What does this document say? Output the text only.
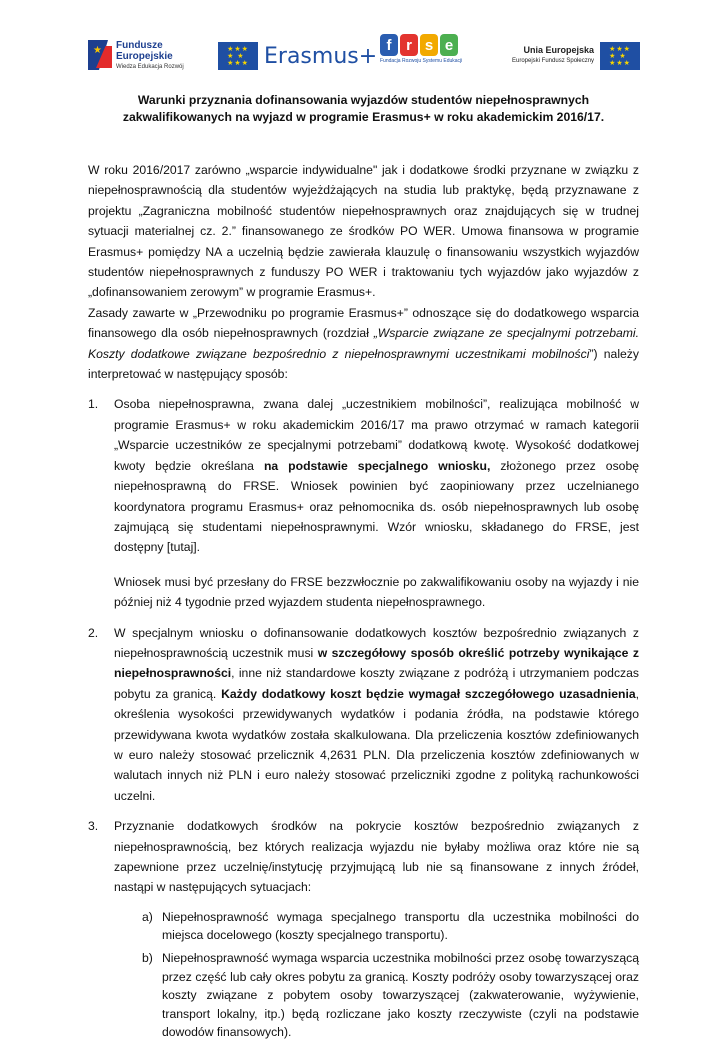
★ Fundusze
Europejskie
Wiedza Edukacja Rozwój
★★★
★ ★
★★★ Erasmus+ f r s e
Fundacja Rozwoju Systemu Edukacji
Unia Europejska
Europejski Fundusz Społeczny
★★★
★ ★
★★★

Warunki przyznania dofinansowania wyjazdów studentów niepełnosprawnych zakwalifikowanych na wyjazd w programie Erasmus+ w roku akademickim 2016/17.

W roku 2016/2017 zarówno „wsparcie indywidualne" jak i dodatkowe środki przyznane w związku z niepełnosprawnością dla studentów wyjeżdżających na studia lub praktykę, będą przyznawane z projektu „Zagraniczna mobilność studentów niepełnosprawnych oraz znajdujących się w trudnej sytuacji materialnej cz. 2.” finansowanego ze środków PO WER. Umowa finansowa w programie Erasmus+ pomiędzy NA a uczelnią będzie zawierała klauzulę o finansowaniu wszystkich wyjazdów studentów niepełnosprawnych z funduszy PO WER i traktowaniu tych wyjazdów jako wyjazdów z „dofinansowaniem zerowym” w programie Erasmus+.

Zasady zawarte w „Przewodniku po programie Erasmus+” odnoszące się do dodatkowego wsparcia finansowego dla osób niepełnosprawnych (rozdział „Wsparcie związane ze specjalnymi potrzebami. Koszty dodatkowe związane bezpośrednio z niepełnosprawnymi uczestnikami mobilności”) należy interpretować w następujący sposób:

1. Osoba niepełnosprawna, zwana dalej „uczestnikiem mobilności”, realizująca mobilność w programie Erasmus+ w roku akademickim 2016/17 ma prawo otrzymać w ramach kategorii „Wsparcie uczestników ze specjalnymi potrzebami” dodatkową kwotę. Wysokość dodatkowej kwoty będzie określana na podstawie specjalnego wniosku, złożonego przez osobę niepełnosprawną do FRSE. Wniosek powinien być zaopiniowany przez uczelnianego koordynatora programu Erasmus+ oraz pełnomocnika ds. osób niepełnosprawnych lub osobę zajmującą się studentami niepełnosprawnymi. Wzór wniosku, składanego do FRSE, jest dostępny [tutaj].
Wniosek musi być przesłany do FRSE bezzwłocznie po zakwalifikowaniu osoby na wyjazdy i nie później niż 4 tygodnie przed wyjazdem studenta niepełnosprawnego.
2. W specjalnym wniosku o dofinansowanie dodatkowych kosztów bezpośrednio związanych z niepełnosprawnością uczestnik musi w szczegółowy sposób określić potrzeby wynikające z niepełnosprawności, inne niż standardowe koszty związane z podróżą i utrzymaniem podczas pobytu za granicą. Każdy dodatkowy koszt będzie wymagał szczegółowego uzasadnienia, określenia wysokości przewidywanych wydatków i podania źródła, na podstawie którego przewidywana kwota wydatków została skalkulowana. Dla przeliczenia kosztów zdefiniowanych w euro należy stosować przelicznik 4,2631 PLN. Dla przeliczenia kosztów zdefiniowanych w walutach innych niż PLN i euro należy stosować przeliczniki zgodne z polityką rachunkowości uczelni.
3. Przyznanie dodatkowych środków na pokrycie kosztów bezpośrednio związanych z niepełnosprawnością, bez których realizacja wyjazdu nie byłaby możliwa oraz które nie są zapewnione przez uczelnię/instytucję przyjmującą lub nie są finansowane z innych źródeł, nastąpi w następujących sytuacjach:
a) Niepełnosprawność wymaga specjalnego transportu dla uczestnika mobilności do miejsca docelowego (koszty specjalnego transportu).
b) Niepełnosprawność wymaga wsparcia uczestnika mobilności przez osobę towarzyszącą przez część lub cały okres pobytu za granicą. Koszty podróży osoby towarzyszącej oraz koszty związane z pobytem osoby towarzyszącej (zakwaterowanie, wyżywienie, transport lokalny, itp.) będą rozliczane jako koszty rzeczywiste (czyli na podstawie dowodów finansowych).
